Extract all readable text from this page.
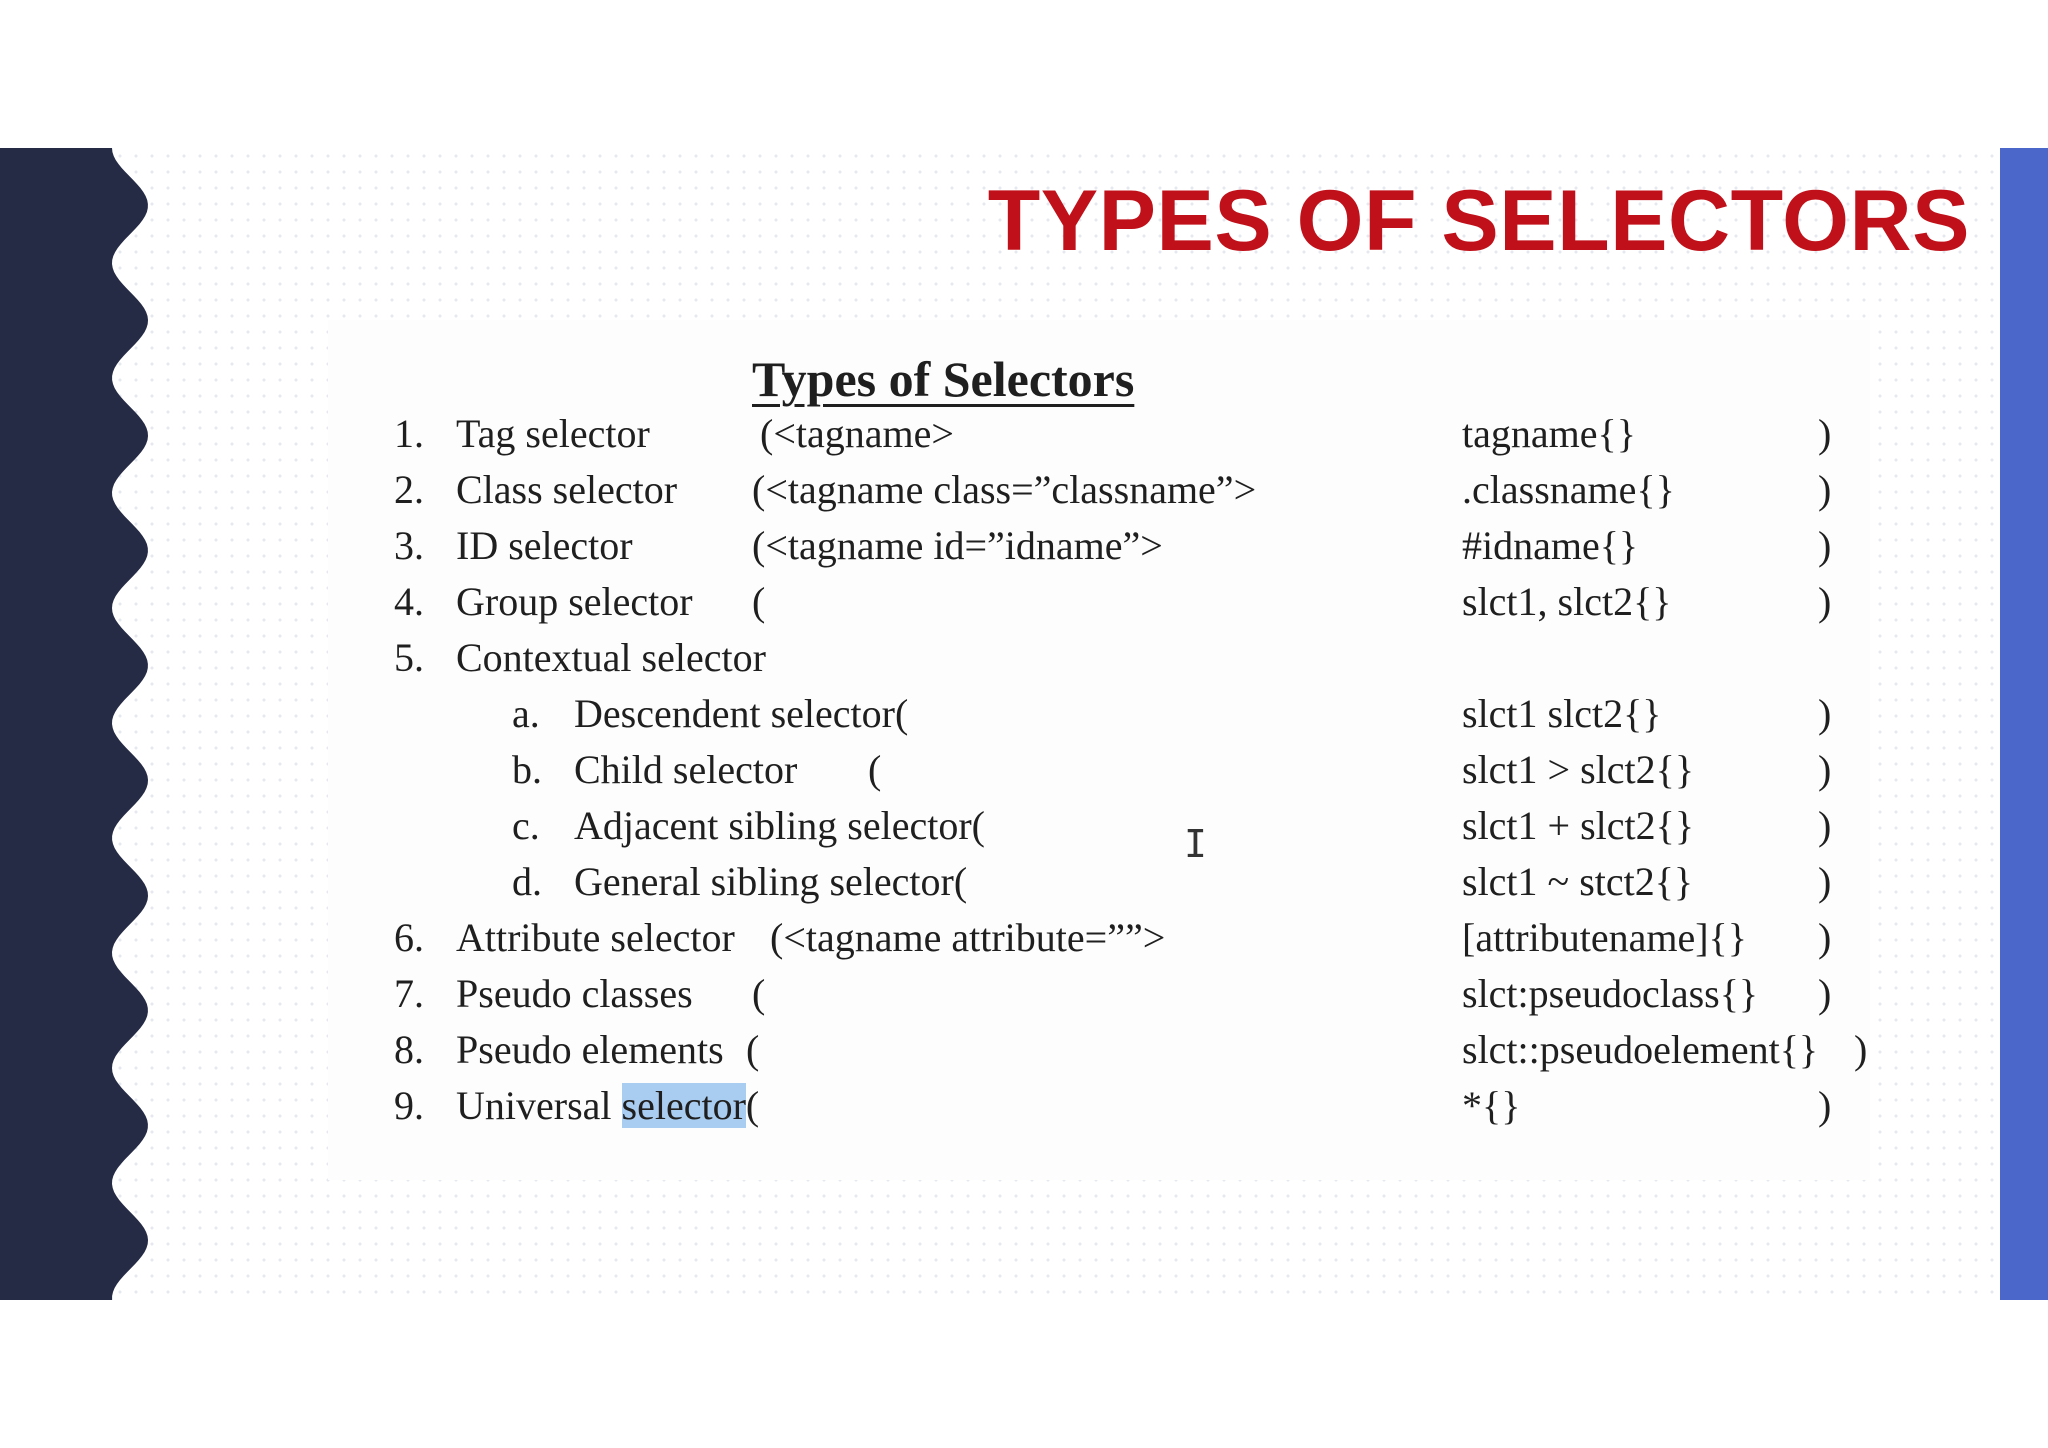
TYPES OF SELECTORS
Types of Selectors
1. Tag selector	(<tagname>	tagname{}	)
2. Class selector (<tagname class=”classname”>	.classname{}	)
3. ID selector	(<tagname id=”idname”>	#idname{}	)
4. Group selector (	slct1, slct2{}	)
5. Contextual selector
a. Descendent selector(	slct1 slct2{}	)
b. Child selector (	slct1 > slct2{}	)
c. Adjacent sibling selector(	slct1 + slct2{}	)
d. General sibling selector(	slct1 ~ stct2{}	)
6. Attribute selector (<tagname attribute=””>	[attributename]{} )
7. Pseudo classes (	slct:pseudoclass{} )
8. Pseudo elements (	slct::pseudoelement{} )
9. Universal selector(	*{}	)
I
